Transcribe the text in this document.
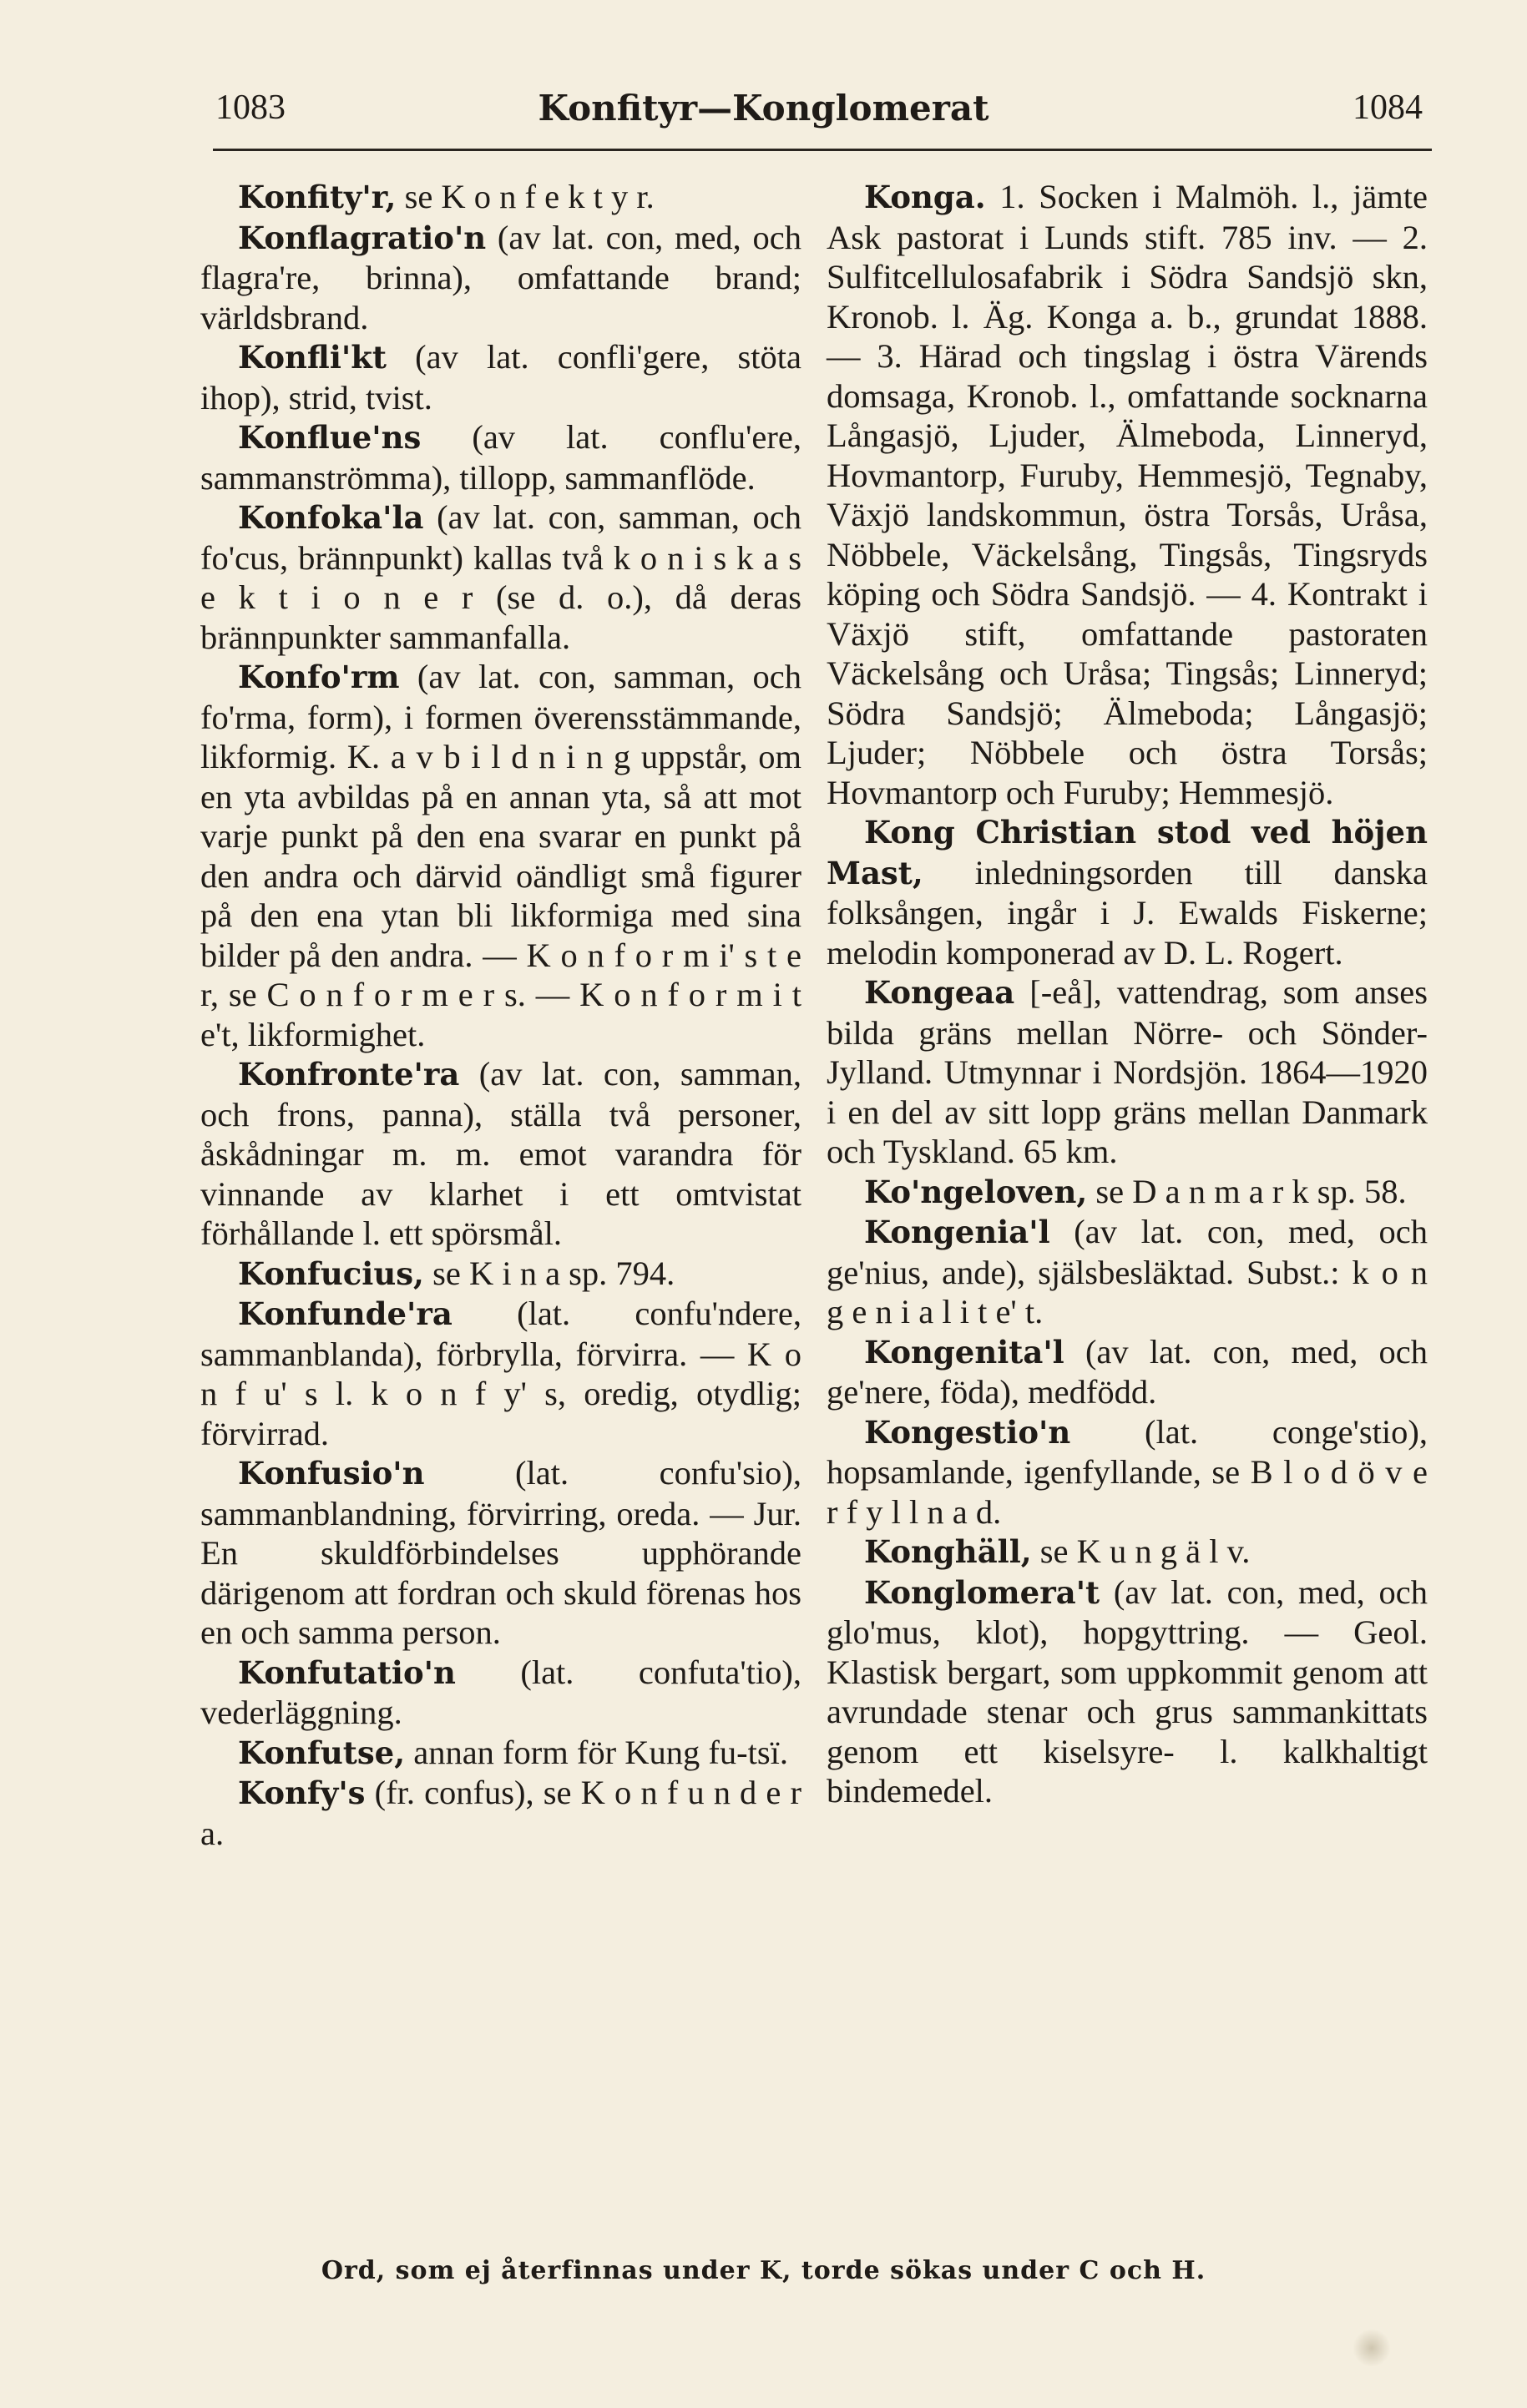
1083	Konfityr—Konglomerat	1084

Konfity'r, se K o n f e k t y r.

Konflagratio'n (av lat. con, med, och flagra're, brinna), omfattande brand; världsbrand.

Konfli'kt (av lat. confli'gere, stöta ihop), strid, tvist.

Konflue'ns (av lat. conflu'ere, sammanströmma), tillopp, sammanflöde.

Konfoka'la (av lat. con, samman, och fo'cus, brännpunkt) kallas två k o n i s k a s e k t i o n e r (se d. o.), då deras brännpunkter sammanfalla.

Konfo'rm (av lat. con, samman, och fo'rma, form), i formen överensstämmande, likformig. K. a v b i l d n i n g uppstår, om en yta avbildas på en annan yta, så att mot varje punkt på den ena svarar en punkt på den andra och därvid oändligt små figurer på den ena ytan bli likformiga med sina bilder på den andra. — K o n f o r m i' s t e r, se C o n f o r m e r s. — K o n f o r m i t e't, likformighet.

Konfronte'ra (av lat. con, samman, och frons, panna), ställa två personer, åskådningar m. m. emot varandra för vinnande av klarhet i ett omtvistat förhållande l. ett spörsmål.

Konfucius, se K i n a sp. 794.

Konfunde'ra (lat. confu'ndere, sammanblanda), förbrylla, förvirra. — K o n f u' s l. k o n f y' s, oredig, otydlig; förvirrad.

Konfusio'n (lat. confu'sio), sammanblandning, förvirring, oreda. — Jur. En skuldförbindelses upphörande därigenom att fordran och skuld förenas hos en och samma person.

Konfutatio'n (lat. confuta'tio), vederläggning.

Konfutse, annan form för Kung fu-tsï.

Konfy's (fr. confus), se K o n f u n d e r a.

Konga. 1. Socken i Malmöh. l., jämte Ask pastorat i Lunds stift. 785 inv. — 2. Sulfitcellulosafabrik i Södra Sandsjö skn, Kronob. l. Äg. Konga a. b., grundat 1888. — 3. Härad och tingslag i östra Värends domsaga, Kronob. l., omfattande socknarna Långasjö, Ljuder, Älmeboda, Linneryd, Hovmantorp, Furuby, Hemmesjö, Tegnaby, Växjö landskommun, östra Torsås, Uråsa, Nöbbele, Väckelsång, Tingsås, Tingsryds köping och Södra Sandsjö. — 4. Kontrakt i Växjö stift, omfattande pastoraten Väckelsång och Uråsa; Tingsås; Linneryd; Södra Sandsjö; Älmeboda; Långasjö; Ljuder; Nöbbele och östra Torsås; Hovmantorp och Furuby; Hemmesjö.

Kong Christian stod ved höjen Mast, inledningsorden till danska folksången, ingår i J. Ewalds Fiskerne; melodin komponerad av D. L. Rogert.

Kongeaa [-eå], vattendrag, som anses bilda gräns mellan Nörre- och Sönder-Jylland. Utmynnar i Nordsjön. 1864—1920 i en del av sitt lopp gräns mellan Danmark och Tyskland. 65 km.

Ko'ngeloven, se D a n m a r k sp. 58.

Kongenia'l (av lat. con, med, och ge'nius, ande), själsbesläktad. Subst.: k o n g e n i a l i t e' t.

Kongenita'l (av lat. con, med, och ge'nere, föda), medfödd.

Kongestio'n (lat. conge'stio), hopsamlande, igenfyllande, se B l o d ö v e r f y l l n a d.

Konghäll, se K u n g ä l v.

Konglomera't (av lat. con, med, och glo'mus, klot), hopgyttring. — Geol. Klastisk bergart, som uppkommit genom att avrundade stenar och grus sammankittats genom ett kiselsyre- l. kalkhaltigt bindemedel.

Ord, som ej återfinnas under K, torde sökas under C och H.
